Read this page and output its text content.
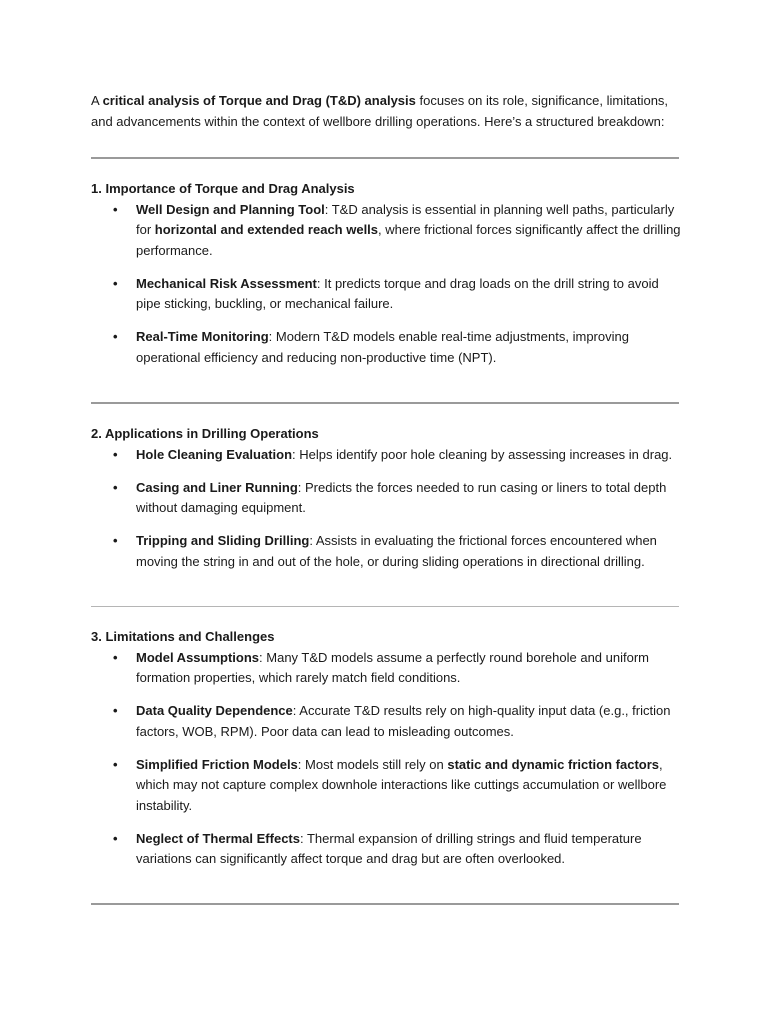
A critical analysis of Torque and Drag (T&D) analysis focuses on its role, significance, limitations, and advancements within the context of wellbore drilling operations. Here’s a structured breakdown:

1. Importance of Torque and Drag Analysis

• Well Design and Planning Tool: T&D analysis is essential in planning well paths, particularly for horizontal and extended reach wells, where frictional forces significantly affect the drilling performance.
• Mechanical Risk Assessment: It predicts torque and drag loads on the drill string to avoid pipe sticking, buckling, or mechanical failure.
• Real-Time Monitoring: Modern T&D models enable real-time adjustments, improving operational efficiency and reducing non-productive time (NPT).

2. Applications in Drilling Operations

• Hole Cleaning Evaluation: Helps identify poor hole cleaning by assessing increases in drag.
• Casing and Liner Running: Predicts the forces needed to run casing or liners to total depth without damaging equipment.
• Tripping and Sliding Drilling: Assists in evaluating the frictional forces encountered when moving the string in and out of the hole, or during sliding operations in directional drilling.

3. Limitations and Challenges

• Model Assumptions: Many T&D models assume a perfectly round borehole and uniform formation properties, which rarely match field conditions.
• Data Quality Dependence: Accurate T&D results rely on high-quality input data (e.g., friction factors, WOB, RPM). Poor data can lead to misleading outcomes.
• Simplified Friction Models: Most models still rely on static and dynamic friction factors, which may not capture complex downhole interactions like cuttings accumulation or wellbore instability.
• Neglect of Thermal Effects: Thermal expansion of drilling strings and fluid temperature variations can significantly affect torque and drag but are often overlooked.
